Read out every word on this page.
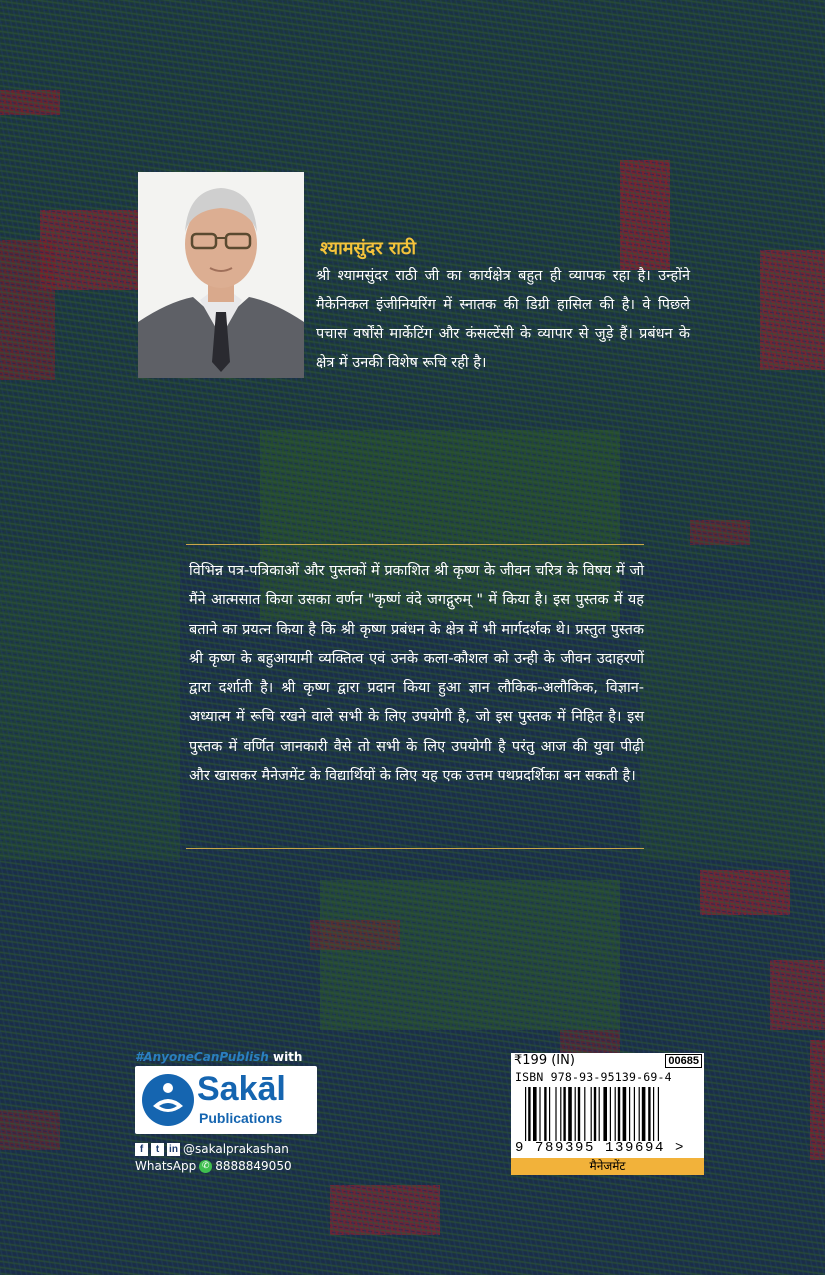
श्यामसुंदर राठी
श्री श्यामसुंदर राठी जी का कार्यक्षेत्र बहुत ही व्यापक रहा है। उन्होंने मैकेनिकल इंजीनियरिंग में स्नातक की डिग्री हासिल की है। वे पिछले पचास वर्षोंसे मार्केटिंग और कंसल्टेंसी के व्यापार से जुड़े हैं। प्रबंधन के क्षेत्र में उनकी विशेष रूचि रही है।
विभिन्न पत्र-पत्रिकाओं और पुस्तकों में प्रकाशित श्री कृष्ण के जीवन चरित्र के विषय में जो मैंने आत्मसात किया उसका वर्णन "कृष्णं वंदे जगद्गुरुम् " में किया है। इस पुस्तक में यह बताने का प्रयत्न किया है कि श्री कृष्ण प्रबंधन के क्षेत्र में भी मार्गदर्शक थे। प्रस्तुत पुस्तक श्री कृष्ण के बहुआयामी व्यक्तित्व एवं उनके कला-कौशल को उन्ही के जीवन उदाहरणों द्वारा दर्शाती है। श्री कृष्ण द्वारा प्रदान किया हुआ ज्ञान लौकिक-अलौकिक, विज्ञान- अध्यात्म में रूचि रखने वाले सभी के लिए उपयोगी है, जो इस पुस्तक में निहित है। इस पुस्तक में वर्णित जानकारी वैसे तो सभी के लिए उपयोगी है परंतु आज की युवा पीढ़ी और खासकर मैनेजमेंट के विद्यार्थियों के लिए यह एक उत्तम पथप्रदर्शिका बन सकती है।
#AnyoneCanPublish with
Sakāl
Publications
f	t in @sakalprakashan
WhatsApp ✆ 8888849050
₹199 (IN)	00685
ISBN 978-93-95139-69-4
9 789395 139694 >
मैनेजमेंट
